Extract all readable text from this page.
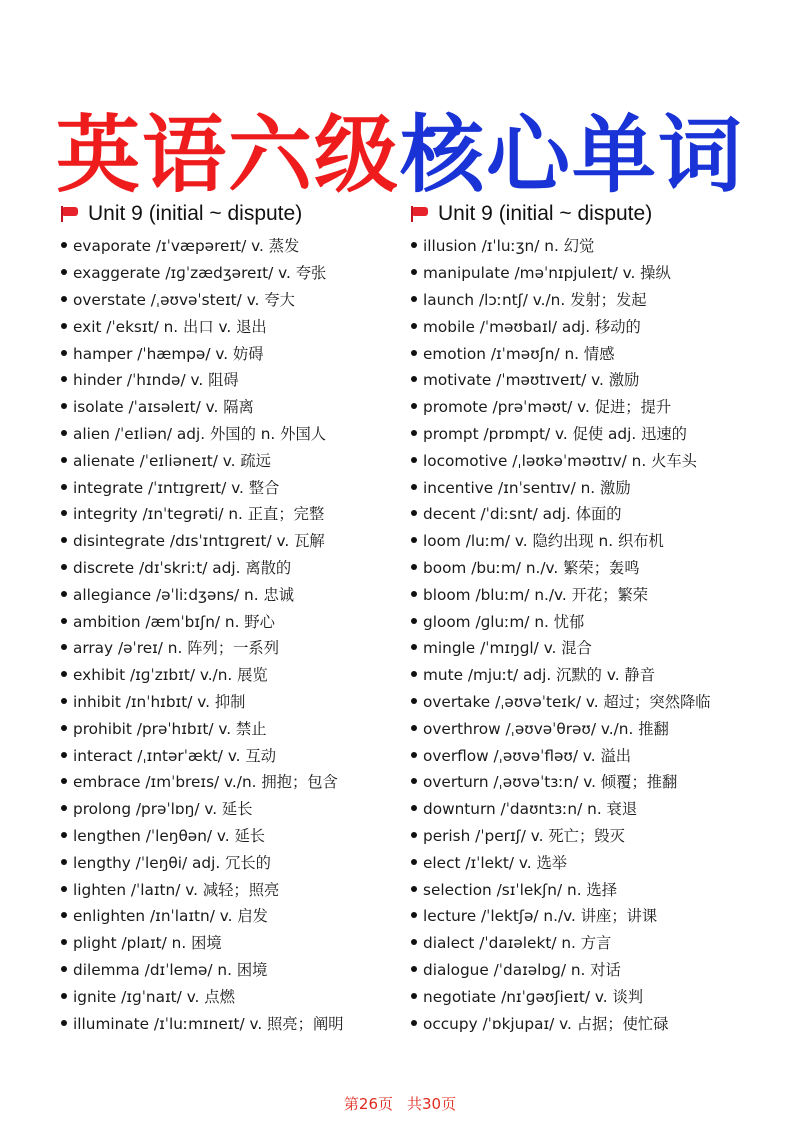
英语六级核心单词
Unit 9 (initial ~ dispute)
evaporate /ɪˈvæpəreɪt/ v. 蒸发
exaggerate /ɪɡˈzædʒəreɪt/ v. 夸张
overstate /ˌəʊvəˈsteɪt/ v. 夸大
exit /ˈeksɪt/ n. 出口 v. 退出
hamper /ˈhæmpə/ v. 妨碍
hinder /ˈhɪndə/ v. 阻碍
isolate /ˈaɪsəleɪt/ v. 隔离
alien /ˈeɪliən/ adj. 外国的 n. 外国人
alienate /ˈeɪliəneɪt/ v. 疏远
integrate /ˈɪntɪɡreɪt/ v. 整合
integrity /ɪnˈteɡrəti/ n. 正直；完整
disintegrate /dɪsˈɪntɪɡreɪt/ v. 瓦解
discrete /dɪˈskriːt/ adj. 离散的
allegiance /əˈliːdʒəns/ n. 忠诚
ambition /æmˈbɪʃn/ n. 野心
array /əˈreɪ/ n. 阵列；一系列
exhibit /ɪɡˈzɪbɪt/ v./n. 展览
inhibit /ɪnˈhɪbɪt/ v. 抑制
prohibit /prəˈhɪbɪt/ v. 禁止
interact /ˌɪntərˈækt/ v. 互动
embrace /ɪmˈbreɪs/ v./n. 拥抱；包含
prolong /prəˈlɒŋ/ v. 延长
lengthen /ˈleŋθən/ v. 延长
lengthy /ˈleŋθi/ adj. 冗长的
lighten /ˈlaɪtn/ v. 减轻；照亮
enlighten /ɪnˈlaɪtn/ v. 启发
plight /plaɪt/ n. 困境
dilemma /dɪˈlemə/ n. 困境
ignite /ɪɡˈnaɪt/ v. 点燃
illuminate /ɪˈluːmɪneɪt/ v. 照亮；阐明
Unit 9 (initial ~ dispute)
illusion /ɪˈluːʒn/ n. 幻觉
manipulate /məˈnɪpjuleɪt/ v. 操纵
launch /lɔːntʃ/ v./n. 发射；发起
mobile /ˈməʊbaɪl/ adj. 移动的
emotion /ɪˈməʊʃn/ n. 情感
motivate /ˈməʊtɪveɪt/ v. 激励
promote /prəˈməʊt/ v. 促进；提升
prompt /prɒmpt/ v. 促使 adj. 迅速的
locomotive /ˌləʊkəˈməʊtɪv/ n. 火车头
incentive /ɪnˈsentɪv/ n. 激励
decent /ˈdiːsnt/ adj. 体面的
loom /luːm/ v. 隐约出现 n. 织布机
boom /buːm/ n./v. 繁荣；轰鸣
bloom /bluːm/ n./v. 开花；繁荣
gloom /ɡluːm/ n. 忧郁
mingle /ˈmɪŋɡl/ v. 混合
mute /mjuːt/ adj. 沉默的 v. 静音
overtake /ˌəʊvəˈteɪk/ v. 超过；突然降临
overthrow /ˌəʊvəˈθrəʊ/ v./n. 推翻
overflow /ˌəʊvəˈfləʊ/ v. 溢出
overturn /ˌəʊvəˈtɜːn/ v. 倾覆；推翻
downturn /ˈdaʊntɜːn/ n. 衰退
perish /ˈperɪʃ/ v. 死亡；毁灭
elect /ɪˈlekt/ v. 选举
selection /sɪˈlekʃn/ n. 选择
lecture /ˈlektʃə/ n./v. 讲座；讲课
dialect /ˈdaɪəlekt/ n. 方言
dialogue /ˈdaɪəlɒɡ/ n. 对话
negotiate /nɪˈɡəʊʃieɪt/ v. 谈判
occupy /ˈɒkjupaɪ/ v. 占据；使忙碌
第26页 共30页
